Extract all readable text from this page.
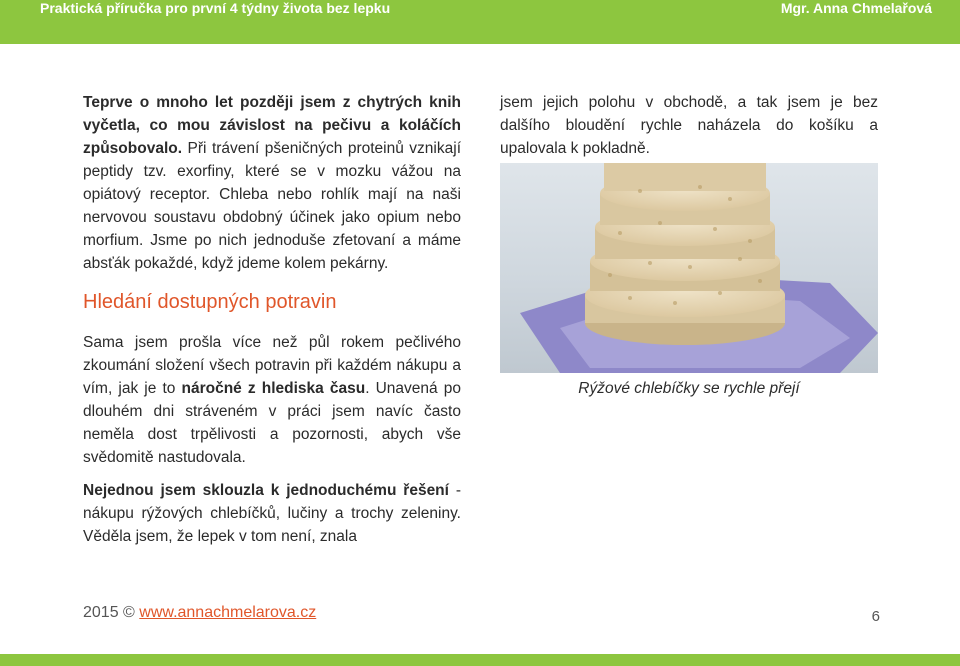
Praktická příručka pro první 4 týdny života bez lepku	Mgr. Anna Chmelařová

Teprve o mnoho let později jsem z chytrých knih vyčetla, co mou závislost na pečivu a koláčích způsobovalo. Při trávení pšeničných proteinů vznikají peptidy tzv. exorfiny, které se v mozku vážou na opiátový receptor. Chleba nebo rohlík mají na naši nervovou soustavu obdobný účinek jako opium nebo morfium. Jsme po nich jednoduše zfetovaní a máme absťák pokaždé, když jdeme kolem pekárny.

Hledání dostupných potravin

Sama jsem prošla více než půl rokem pečlivého zkoumání složení všech potravin při každém nákupu a vím, jak je to náročné z hlediska času. Unavená po dlouhém dni stráveném v práci jsem navíc často neměla dost trpělivosti a pozornosti, abych vše svědomitě nastudovala.

Nejednou jsem sklouzla k jednoduchému řešení - nákupu rýžových chlebíčků, lučiny a trochy zeleniny. Věděla jsem, že lepek v tom není, znala

jsem jejich polohu v obchodě, a tak jsem je bez dalšího bloudění rychle naházela do košíku a upalovala k pokladně.

Rýžové chlebíčky se rychle přejí
2015 © www.annachmelarova.cz	6
